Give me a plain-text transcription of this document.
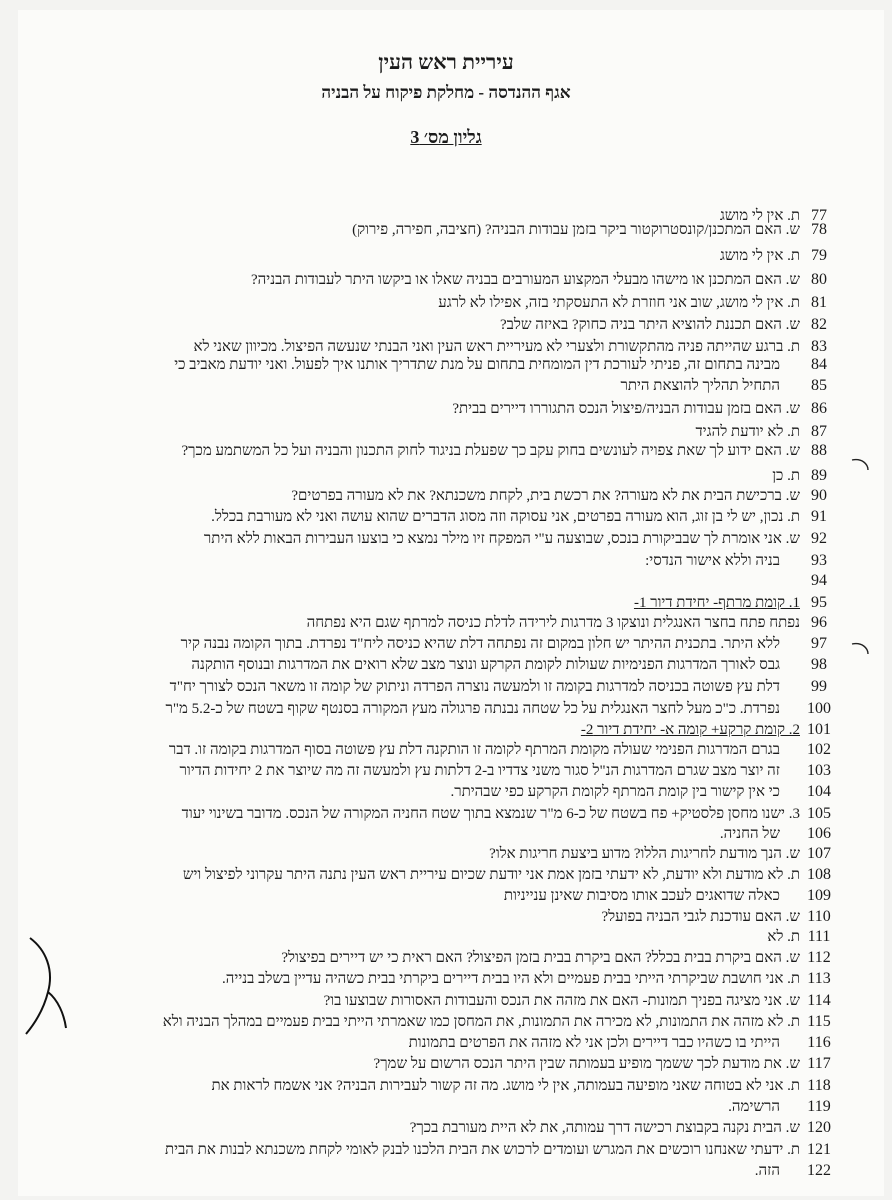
עיריית ראש העין
אגף ההנדסה - מחלקת פיקוח על הבניה
גליון מס׳ 3
77
ת. אין לי מושג
78
ש. האם המתכנן/קונסטרוקטור ביקר בזמן עבודות הבניה? (חציבה, חפירה, פירוק)
79
ת. אין לי מושג
80
ש. האם המתכנן או מישהו מבעלי המקצוע המעורבים בבניה שאלו או ביקשו היתר לעבודות הבניה?
81
ת. אין לי מושג, שוב אני חוזרת לא התעסקתי בזה, אפילו לא לרגע
82
ש. האם תכננת להוציא היתר בניה כחוק? באיזה שלב?
83
ת. ברגע שהייתה פניה מהתקשורת ולצערי לא מעיריית ראש העין ואני הבנתי שנעשה הפיצול. מכיוון שאני לא
84
מבינה בתחום זה, פניתי לעורכת דין המומחית בתחום על מנת שתדריך אותנו איך לפעול. ואני יודעת מאביב כי
85
התחיל תהליך להוצאת היתר
86
ש. האם בזמן עבודות הבניה/פיצול הנכס התגוררו דיירים בבית?
87
ת. לא יודעת להגיד
88
ש. האם ידוע לך שאת צפויה לעונשים בחוק עקב כך שפעלת בניגוד לחוק התכנון והבניה ועל כל המשתמע מכך?
89
ת. כן
90
ש. ברכישת הבית את לא מעורה? את רכשת בית, לקחת משכנתא? את לא מעורה בפרטים?
91
ת. נכון, יש לי בן זוג, הוא מעורה בפרטים, אני עסוקה וזה מסוג הדברים שהוא עושה ואני לא מעורבת בכלל.
92
ש. אני אומרת לך שבביקורת בנכס, שבוצעה ע"י המפקח זיו מילר נמצא כי בוצעו העבירות הבאות ללא היתר
93
בניה וללא אישור הנדסי:
94
95
1. קומת מרתף- יחידת דיור 1-
96
נפתח פתח בחצר האנגלית ונוצקו 3 מדרגות לירידה לדלת כניסה למרתף שגם היא נפתחה
97
ללא היתר. בתכנית ההיתר יש חלון במקום זה נפתחה דלת שהיא כניסה ליח"ד נפרדת. בתוך הקומה נבנה קיר
98
גבס לאורך המדרגות הפנימיות שעולות לקומת הקרקע ונוצר מצב שלא רואים את המדרגות ובנוסף הותקנה
99
דלת עץ פשוטה בכניסה למדרגות בקומה זו ולמעשה נוצרה הפרדה וניתוק של קומה זו משאר הנכס לצורך יח"ד
100
נפרדת. כ"כ מעל לחצר האנגלית על כל שטחה נבנתה פרגולה מעץ המקורה בסנטף שקוף בשטח של כ-5.2 מ"ר
101
2. קומת קרקע+ קומה א- יחידת דיור 2-
102
בגרם המדרגות הפנימי שעולה מקומת המרתף לקומה זו הותקנה דלת עץ פשוטה בסוף המדרגות בקומה זו. דבר
103
זה יוצר מצב שגרם המדרגות הנ"ל סגור משני צדדיו ב-2 דלתות עץ ולמעשה זה מה שיוצר את 2 יחידות הדיור
104
כי אין קישור בין קומת המרתף לקומת הקרקע כפי שבהיתר.
105
3. ישנו מחסן פלסטיק+ פח בשטח של כ-6 מ"ר שנמצא בתוך שטח החניה המקורה של הנכס. מדובר בשינוי יעוד
106
של החניה.
107
ש. הנך מודעת לחריגות הללו? מדוע ביצעת חריגות אלו?
108
ת. לא מודעת ולא יודעת, לא ידעתי בזמן אמת אני יודעת שכיום עיריית ראש העין נתנה היתר עקרוני לפיצול ויש
109
כאלה שדואגים לעכב אותו מסיבות שאינן ענייניות
110
ש. האם עודכנת לגבי הבניה בפועל?
111
ת. לא
112
ש. האם ביקרת בבית בכלל? האם ביקרת בבית בזמן הפיצול? האם ראית כי יש דיירים בפיצול?
113
ת. אני חושבת שביקרתי הייתי בבית פעמיים ולא היו בבית דיירים ביקרתי בבית כשהיה עדיין בשלב בנייה.
114
ש. אני מציגה בפניך תמונות- האם את מזהה את הנכס והעבודות האסורות שבוצעו בו?
115
ת. לא מזהה את התמונות, לא מכירה את התמונות, את המחסן כמו שאמרתי הייתי בבית פעמיים במהלך הבניה ולא
116
הייתי בו כשהיו כבר דיירים ולכן אני לא מזהה את הפרטים בתמונות
117
ש. את מודעת לכך ששמך מופיע בעמותה שבין היתר הנכס הרשום על שמך?
118
ת. אני לא בטוחה שאני מופיעה בעמותה, אין לי מושג. מה זה קשור לעבירות הבניה? אני אשמח לראות את
119
הרשימה.
120
ש. הבית נקנה בקבוצת רכישה דרך עמותה, את לא היית מעורבת בכך?
121
ת. ידעתי שאנחנו רוכשים את המגרש ועומדים לרכוש את הבית הלכנו לבנק לאומי לקחת משכנתא לבנות את הבית
122
הזה.
